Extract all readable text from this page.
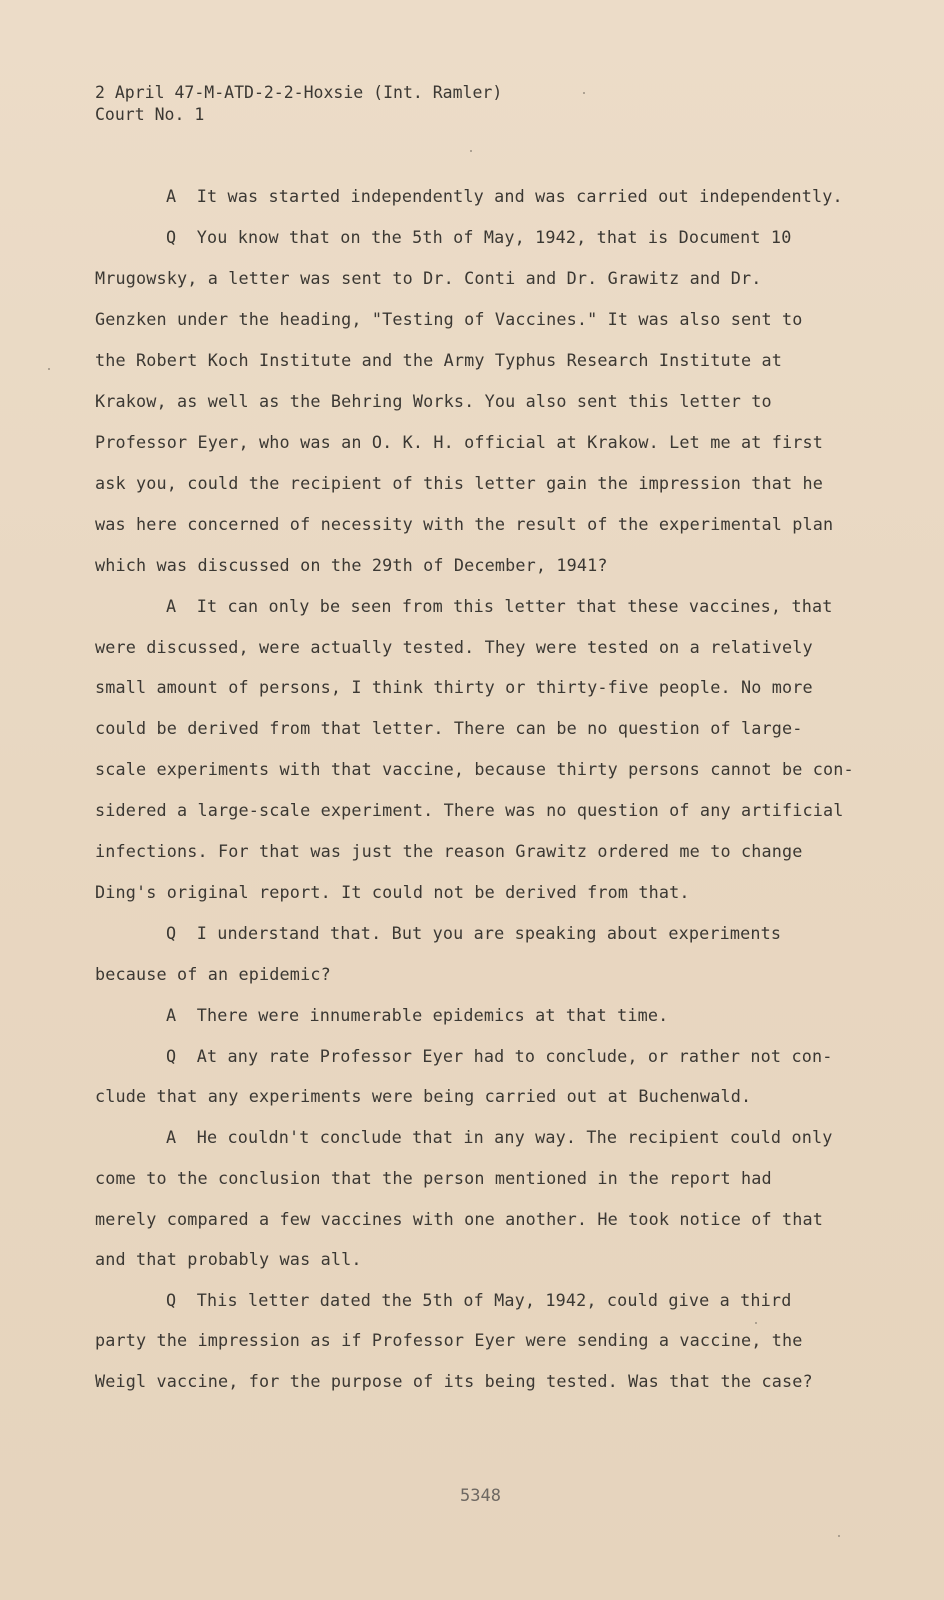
2 April 47-M-ATD-2-2-Hoxsie (Int. Ramler)
Court No. 1
A  It was started independently and was carried out independently.
Q  You know that on the 5th of May, 1942, that is Document 10
Mrugowsky, a letter was sent to Dr. Conti and Dr. Grawitz and Dr.
Genzken under the heading, "Testing of Vaccines." It was also sent to
the Robert Koch Institute and the Army Typhus Research Institute at
Krakow, as well as the Behring Works. You also sent this letter to
Professor Eyer, who was an O. K. H. official at Krakow. Let me at first
ask you, could the recipient of this letter gain the impression that he
was here concerned of necessity with the result of the experimental plan
which was discussed on the 29th of December, 1941?
A  It can only be seen from this letter that these vaccines, that
were discussed, were actually tested. They were tested on a relatively
small amount of persons, I think thirty or thirty-five people. No more
could be derived from that letter. There can be no question of large-
scale experiments with that vaccine, because thirty persons cannot be con-
sidered a large-scale experiment. There was no question of any artificial
infections. For that was just the reason Grawitz ordered me to change
Ding's original report. It could not be derived from that.
Q  I understand that. But you are speaking about experiments
because of an epidemic?
A  There were innumerable epidemics at that time.
Q  At any rate Professor Eyer had to conclude, or rather not con-
clude that any experiments were being carried out at Buchenwald.
A  He couldn't conclude that in any way. The recipient could only
come to the conclusion that the person mentioned in the report had
merely compared a few vaccines with one another. He took notice of that
and that probably was all.
Q  This letter dated the 5th of May, 1942, could give a third
party the impression as if Professor Eyer were sending a vaccine, the
Weigl vaccine, for the purpose of its being tested. Was that the case?
5348
